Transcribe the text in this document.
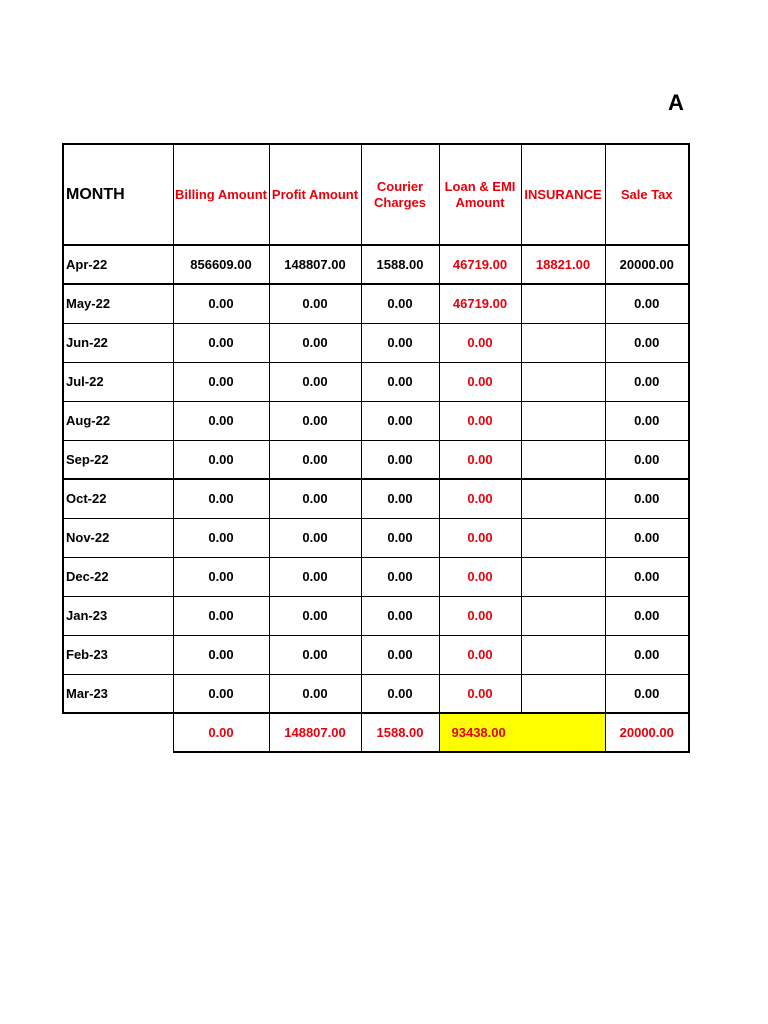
A
MONTH	Billing Amount	Profit Amount	Courier Charges	Loan & EMI Amount	INSURANCE	Sale Tax
Apr-22	856609.00	148807.00	1588.00	46719.00	18821.00	20000.00
May-22	0.00	0.00	0.00	46719.00		0.00
Jun-22	0.00	0.00	0.00	0.00		0.00
Jul-22	0.00	0.00	0.00	0.00		0.00
Aug-22	0.00	0.00	0.00	0.00		0.00
Sep-22	0.00	0.00	0.00	0.00		0.00
Oct-22	0.00	0.00	0.00	0.00		0.00
Nov-22	0.00	0.00	0.00	0.00		0.00
Dec-22	0.00	0.00	0.00	0.00		0.00
Jan-23	0.00	0.00	0.00	0.00		0.00
Feb-23	0.00	0.00	0.00	0.00		0.00
Mar-23	0.00	0.00	0.00	0.00		0.00
	0.00	148807.00	1588.00	93438.00		20000.00
